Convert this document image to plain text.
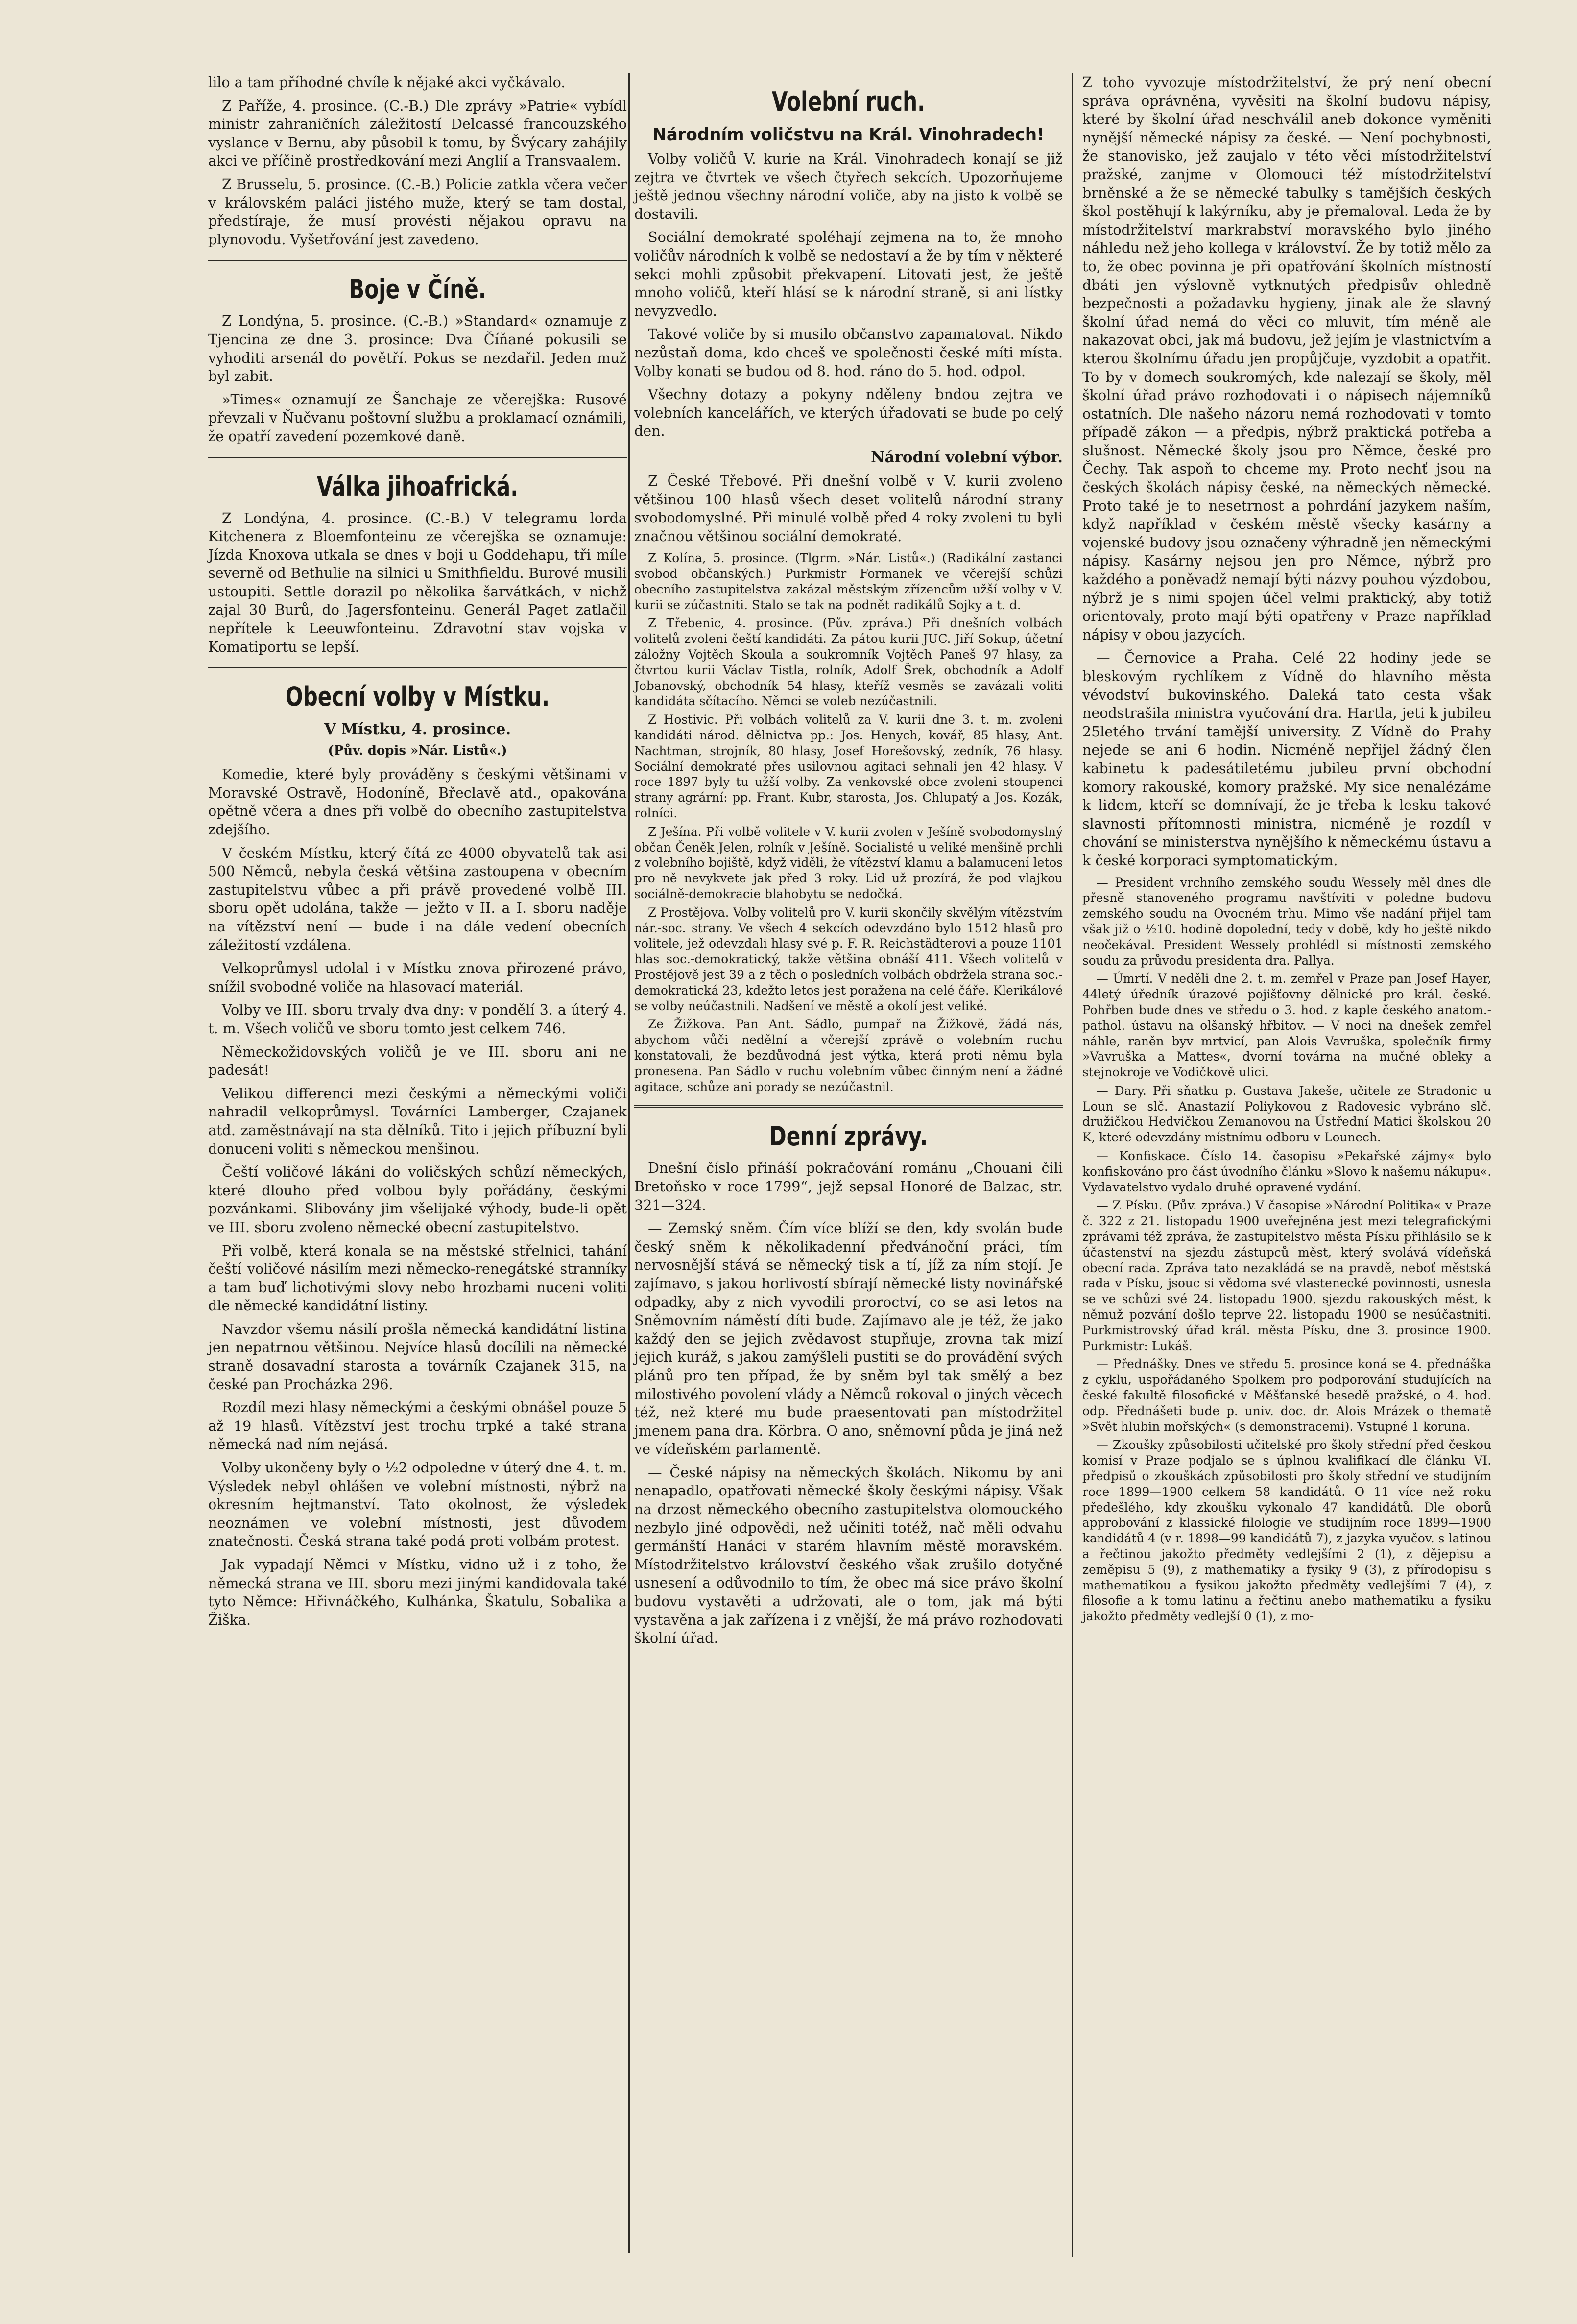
lilo a tam příhodné chvíle k nějaké akci vyčkávalo.

Z Paříže, 4. prosince. (C.-B.) Dle zprávy »Patrie« vybídl ministr zahraničních záležitostí Delcassé francouzského vyslance v Bernu, aby působil k tomu, by Švýcary zahájily akci ve příčině prostředkování mezi Anglií a Transvaalem.

Z Brusselu, 5. prosince. (C.-B.) Policie zatkla včera večer v královském paláci jistého muže, který se tam dostal, předstíraje, že musí provésti nějakou opravu na plynovodu. Vyšetřování jest zavedeno.

Boje v Číně.

Z Londýna, 5. prosince. (C.-B.) »Standard« oznamuje z Tjencina ze dne 3. prosince: Dva Číňané pokusili se vyhoditi arsenál do povětří. Pokus se nezdařil. Jeden muž byl zabit.

»Times« oznamují ze Šanchaje ze včerejška: Rusové převzali v Ňučvanu poštovní službu a proklamací oznámili, že opatří zavedení pozemkové daně.

Válka jihoafrická.

Z Londýna, 4. prosince. (C.-B.) V telegramu lorda Kitchenera z Bloemfonteinu ze včerejška se oznamuje: Jízda Knoxova utkala se dnes v boji u Goddehapu, tři míle severně od Bethulie na silnici u Smithfieldu. Burové musili ustoupiti. Settle dorazil po několika šarvátkách, v nichž zajal 30 Burů, do Jagersfonteinu. Generál Paget zatlačil nepřítele k Leeuwfonteinu. Zdravotní stav vojska v Komatiportu se lepší.

Obecní volby v Místku.
V Místku, 4. prosince.
(Pův. dopis »Nár. Listů«.)

Komedie, které byly prováděny s českými většinami v Moravské Ostravě, Hodoníně, Břeclavě atd., opakována opětně včera a dnes při volbě do obecního zastupitelstva zdejšího.

V českém Místku, který čítá ze 4000 obyvatelů tak asi 500 Němců, nebyla česká většina zastoupena v obecním zastupitelstvu vůbec a při právě provedené volbě III. sboru opět udolána, takže — ježto v II. a I. sboru naděje na vítězství není — bude i na dále vedení obecních záležitostí vzdálena.

Velkoprůmysl udolal i v Místku znova přirozené právo, snížil svobodné voliče na hlasovací materiál.

Volby ve III. sboru trvaly dva dny: v pondělí 3. a úterý 4. t. m. Všech voličů ve sboru tomto jest celkem 746.

Německožidovských voličů je ve III. sboru ani ne padesát!

Velikou differenci mezi českými a německými voliči nahradil velkoprůmysl. Továrníci Lamberger, Czajanek atd. zaměstnávají na sta dělníků. Tito i jejich příbuzní byli donuceni voliti s německou menšinou.

Čeští voličové lákáni do voličských schůzí německých, které dlouho před volbou byly pořádány, českými pozvánkami. Slibovány jim všelijaké výhody, bude-li opět ve III. sboru zvoleno německé obecní zastupitelstvo.

Při volbě, která konala se na městské střelnici, tahání čeští voličové násilím mezi německo-renegátské stranníky a tam buď lichotivými slovy nebo hrozbami nuceni voliti dle německé kandidátní listiny.

Navzdor všemu násilí prošla německá kandidátní listina jen nepatrnou většinou. Nejvíce hlasů docílili na německé straně dosavadní starosta a továrník Czajanek 315, na české pan Procházka 296.

Rozdíl mezi hlasy německými a českými obnášel pouze 5 až 19 hlasů. Vítězství jest trochu trpké a také strana německá nad ním nejásá.

Volby ukončeny byly o ½2 odpoledne v úterý dne 4. t. m. Výsledek nebyl ohlášen ve volební místnosti, nýbrž na okresním hejtmanství. Tato okolnost, že výsledek neoznámen ve volební místnosti, jest důvodem znatečnosti. Česká strana také podá proti volbám protest.

Jak vypadají Němci v Místku, vidno už i z toho, že německá strana ve III. sboru mezi jinými kandidovala také tyto Němce: Hřivnáčkého, Kulhánka, Škatulu, Sobalika a Žiška.

Volební ruch.
Národním voličstvu na Král. Vinohradech!

Volby voličů V. kurie na Král. Vinohradech konají se již zejtra ve čtvrtek ve všech čtyřech sekcích. Upozorňujeme ještě jednou všechny národní voliče, aby na jisto k volbě se dostavili.

Sociální demokraté spoléhají zejmena na to, že mnoho voličův národních k volbě se nedostaví a že by tím v některé sekci mohli způsobit překvapení. Litovati jest, že ještě mnoho voličů, kteří hlásí se k národní straně, si ani lístky nevyzvedlo.

Takové voliče by si musilo občanstvo zapamatovat. Nikdo nezůstaň doma, kdo chceš ve společnosti české míti místa. Volby konati se budou od 8. hod. ráno do 5. hod. odpol.

Všechny dotazy a pokyny nděleny bndou zejtra ve volebních kancelářích, ve kterých úřadovati se bude po celý den.

Národní volební výbor.

Z České Třebové. Při dnešní volbě v V. kurii zvoleno většinou 100 hlasů všech deset volitelů národní strany svobodomyslné. Při minulé volbě před 4 roky zvoleni tu byli značnou většinou sociální demokraté.

Z Kolína, 5. prosince. (Tlgrm. »Nár. Listů«.) (Radikální zastanci svobod občanských.) Purkmistr Formanek ve včerejší schůzi obecního zastupitelstva zakázal městským zřízencům užší volby v V. kurii se zúčastniti. Stalo se tak na podnět radikálů Sojky a t. d.

Z Třebenic, 4. prosince. (Pův. zpráva.) Při dnešních volbách volitelů zvoleni čeští kandidáti. Za pátou kurii JUC. Jiří Sokup, účetní záložny Vojtěch Skoula a soukromník Vojtěch Paneš 97 hlasy, za čtvrtou kurii Václav Tistla, rolník, Adolf Šrek, obchodník a Adolf Jobanovský, obchodník 54 hlasy, kteříž vesměs se zavázali voliti kandidáta sčítacího. Němci se voleb nezúčastnili.

Z Hostivic. Při volbách volitelů za V. kurii dne 3. t. m. zvoleni kandidáti národ. dělnictva pp.: Jos. Henych, kovář, 85 hlasy, Ant. Nachtman, strojník, 80 hlasy, Josef Horešovský, zedník, 76 hlasy. Sociální demokraté přes usilovnou agitaci sehnali jen 42 hlasy. V roce 1897 byly tu užší volby. Za venkovské obce zvoleni stoupenci strany agrární: pp. Frant. Kubr, starosta, Jos. Chlupatý a Jos. Kozák, rolníci.

Z Ješína. Při volbě volitele v V. kurii zvolen v Ješíně svobodomyslný občan Čeněk Jelen, rolník v Ješíně. Socialisté u veliké menšině prchli z volebního bojiště, když viděli, že vítězství klamu a balamucení letos pro ně nevykvete jak před 3 roky. Lid už prozírá, že pod vlajkou sociálně-demokracie blahobytu se nedočká.

Z Prostějova. Volby volitelů pro V. kurii skončily skvělým vítězstvím nár.-soc. strany. Ve všech 4 sekcích odevzdáno bylo 1512 hlasů pro volitele, jež odevzdali hlasy své p. F. R. Reichstädterovi a pouze 1101 hlas soc.-demokratický, takže většina obnáší 411. Všech volitelů v Prostějově jest 39 a z těch o posledních volbách obdržela strana soc.-demokratická 23, kdežto letos jest poražena na celé čáře. Klerikálové se volby neúčastnili. Nadšení ve městě a okolí jest veliké.

Ze Žižkova. Pan Ant. Sádlo, pumpař na Žižkově, žádá nás, abychom vůči nedělní a včerejší zprávě o volebním ruchu konstatovali, že bezdůvodná jest výtka, která proti němu byla pronesena. Pan Sádlo v ruchu volebním vůbec činným není a žádné agitace, schůze ani porady se nezúčastnil.

Denní zprávy.

Dnešní číslo přináší pokračování románu „Chouani čili Bretoňsko v roce 1799“, jejž sepsal Honoré de Balzac, str. 321—324.

— Zemský sněm. Čím více blíží se den, kdy svolán bude český sněm k několikadenní předvánoční práci, tím nervosnější stává se německý tisk a tí, jíž za ním stojí. Je zajímavo, s jakou horlivostí sbírají německé listy novinářské odpadky, aby z nich vyvodili proroctví, co se asi letos na Sněmovním náměstí díti bude. Zajímavo ale je též, že jako každý den se jejich zvědavost stupňuje, zrovna tak mizí jejich kuráž, s jakou zamýšleli pustiti se do provádění svých plánů pro ten případ, že by sněm byl tak smělý a bez milostivého povolení vlády a Němců rokoval o jiných věcech též, než které mu bude praesentovati pan místodržitel jmenem pana dra. Körbra. O ano, sněmovní půda je jiná než ve vídeňském parlamentě.

— České nápisy na německých školách. Nikomu by ani nenapadlo, opatřovati německé školy českými nápisy. Však na drzost německého obecního zastupitelstva olomouckého nezbylo jiné odpovědi, než učiniti totéž, nač měli odvahu germánští Hanáci v starém hlavním městě moravském. Místodržitelstvo království českého však zrušilo dotyčné usnesení a odůvodnilo to tím, že obec má sice právo školní budovu vystavěti a udržovati, ale o tom, jak má býti vystavěna a jak zařízena i z vnější, že má právo rozhodovati školní úřad.

Z toho vyvozuje místodržitelství, že prý není obecní správa oprávněna, vyvěsiti na školní budovu nápisy, které by školní úřad neschválil aneb dokonce vyměniti nynější německé nápisy za české. — Není pochybnosti, že stanovisko, jež zaujalo v této věci místodržitelství pražské, zanjme v Olomouci též místodržitelství brněnské a že se německé tabulky s tamějších českých škol postěhují k lakýrníku, aby je přemaloval. Leda že by místodržitelství markrabství moravského bylo jiného náhledu než jeho kollega v království. Že by totiž mělo za to, že obec povinna je při opatřování školních místností dbáti jen výslovně vytknutých předpisův ohledně bezpečnosti a požadavku hygieny, jinak ale že slavný školní úřad nemá do věci co mluvit, tím méně ale nakazovat obci, jak má budovu, jež jejím je vlastnictvím a kterou školnímu úřadu jen propůjčuje, vyzdobit a opatřit. To by v domech soukromých, kde nalezají se školy, měl školní úřad právo rozhodovati i o nápisech nájemníků ostatních. Dle našeho názoru nemá rozhodovati v tomto případě zákon — a předpis, nýbrž praktická potřeba a slušnost. Německé školy jsou pro Němce, české pro Čechy. Tak aspoň to chceme my. Proto nechť jsou na českých školách nápisy české, na německých německé. Proto také je to nesetrnost a pohrdání jazykem naším, když například v českém městě všecky kasárny a vojenské budovy jsou označeny výhradně jen německými nápisy. Kasárny nejsou jen pro Němce, nýbrž pro každého a poněvadž nemají býti názvy pouhou výzdobou, nýbrž je s nimi spojen účel velmi praktický, aby totiž orientovaly, proto mají býti opatřeny v Praze například nápisy v obou jazycích.

— Černovice a Praha. Celé 22 hodiny jede se bleskovým rychlíkem z Vídně do hlavního města vévodství bukovinského. Daleká tato cesta však neodstrašila ministra vyučování dra. Hartla, jeti k jubileu 25letého trvání tamější university. Z Vídně do Prahy nejede se ani 6 hodin. Nicméně nepřijel žádný člen kabinetu k padesátiletému jubileu první obchodní komory rakouské, komory pražské. My sice nenalézáme k lidem, kteří se domnívají, že je třeba k lesku takové slavnosti přítomnosti ministra, nicméně je rozdíl v chování se ministerstva nynějšího k německému ústavu a k české korporaci symptomatickým.

— President vrchního zemského soudu Wessely měl dnes dle přesně stanoveného programu navštíviti v poledne budovu zemského soudu na Ovocném trhu. Mimo vše nadání přijel tam však již o ½10. hodině dopolední, tedy v době, kdy ho ještě nikdo neočekával. President Wessely prohlédl si místnosti zemského soudu za průvodu presidenta dra. Pallya.

— Úmrtí. V neděli dne 2. t. m. zemřel v Praze pan Josef Hayer, 44letý úředník úrazové pojišťovny dělnické pro král. české. Pohřben bude dnes ve středu o 3. hod. z kaple českého anatom.-pathol. ústavu na olšanský hřbitov. — V noci na dnešek zemřel náhle, raněn byv mrtvicí, pan Alois Vavruška, společník firmy »Vavruška a Mattes«, dvorní továrna na mučné obleky a stejnokroje ve Vodičkově ulici.

— Dary. Při sňatku p. Gustava Jakeše, učitele ze Stradonic u Loun se slč. Anastazií Poliykovou z Radovesic vybráno slč. družičkou Hedvičkou Zemanovou na Ústřední Matici školskou 20 K, které odevzdány místnímu odboru v Lounech.

— Konfiskace. Číslo 14. časopisu »Pekařské zájmy« bylo konfiskováno pro část úvodního článku »Slovo k našemu nákupu«. Vydavatelstvo vydalo druhé opravené vydání.

— Z Písku. (Pův. zpráva.) V časopise »Národní Politika« v Praze č. 322 z 21. listopadu 1900 uveřejněna jest mezi telegrafickými zprávami též zpráva, že zastupitelstvo města Písku přihlásilo se k účastenství na sjezdu zástupců měst, který svolává vídeňská obecní rada. Zpráva tato nezakládá se na pravdě, neboť městská rada v Písku, jsouc si vědoma své vlastenecké povinnosti, usnesla se ve schůzi své 24. listopadu 1900, sjezdu rakouských měst, k němuž pozvání došlo teprve 22. listopadu 1900 se nesúčastniti. Purkmistrovský úřad král. města Písku, dne 3. prosince 1900. Purkmistr: Lukáš.

— Přednášky. Dnes ve středu 5. prosince koná se 4. přednáška z cyklu, uspořádaného Spolkem pro podporování studujících na české fakultě filosofické v Měšťanské besedě pražské, o 4. hod. odp. Přednášeti bude p. univ. doc. dr. Alois Mrázek o thematě »Svět hlubin mořských« (s demonstracemi). Vstupné 1 koruna.

— Zkoušky způsobilosti učitelské pro školy střední před českou komisí v Praze podjalo se s úplnou kvalifikací dle článku VI. předpisů o zkouškách způsobilosti pro školy střední ve studijním roce 1899—1900 celkem 58 kandidátů. O 11 více než roku předešlého, kdy zkoušku vykonalo 47 kandidátů. Dle oborů approbování z klassické filologie ve studijním roce 1899—1900 kandidátů 4 (v r. 1898—99 kandidátů 7), z jazyka vyučov. s latinou a řečtinou jakožto předměty vedlejšími 2 (1), z dějepisu a zeměpisu 5 (9), z mathematiky a fysiky 9 (3), z přírodopisu s mathematikou a fysikou jakožto předměty vedlejšími 7 (4), z filosofie a k tomu latinu a řečtinu anebo mathematiku a fysiku jakožto předměty vedlejší 0 (1), z mo-
